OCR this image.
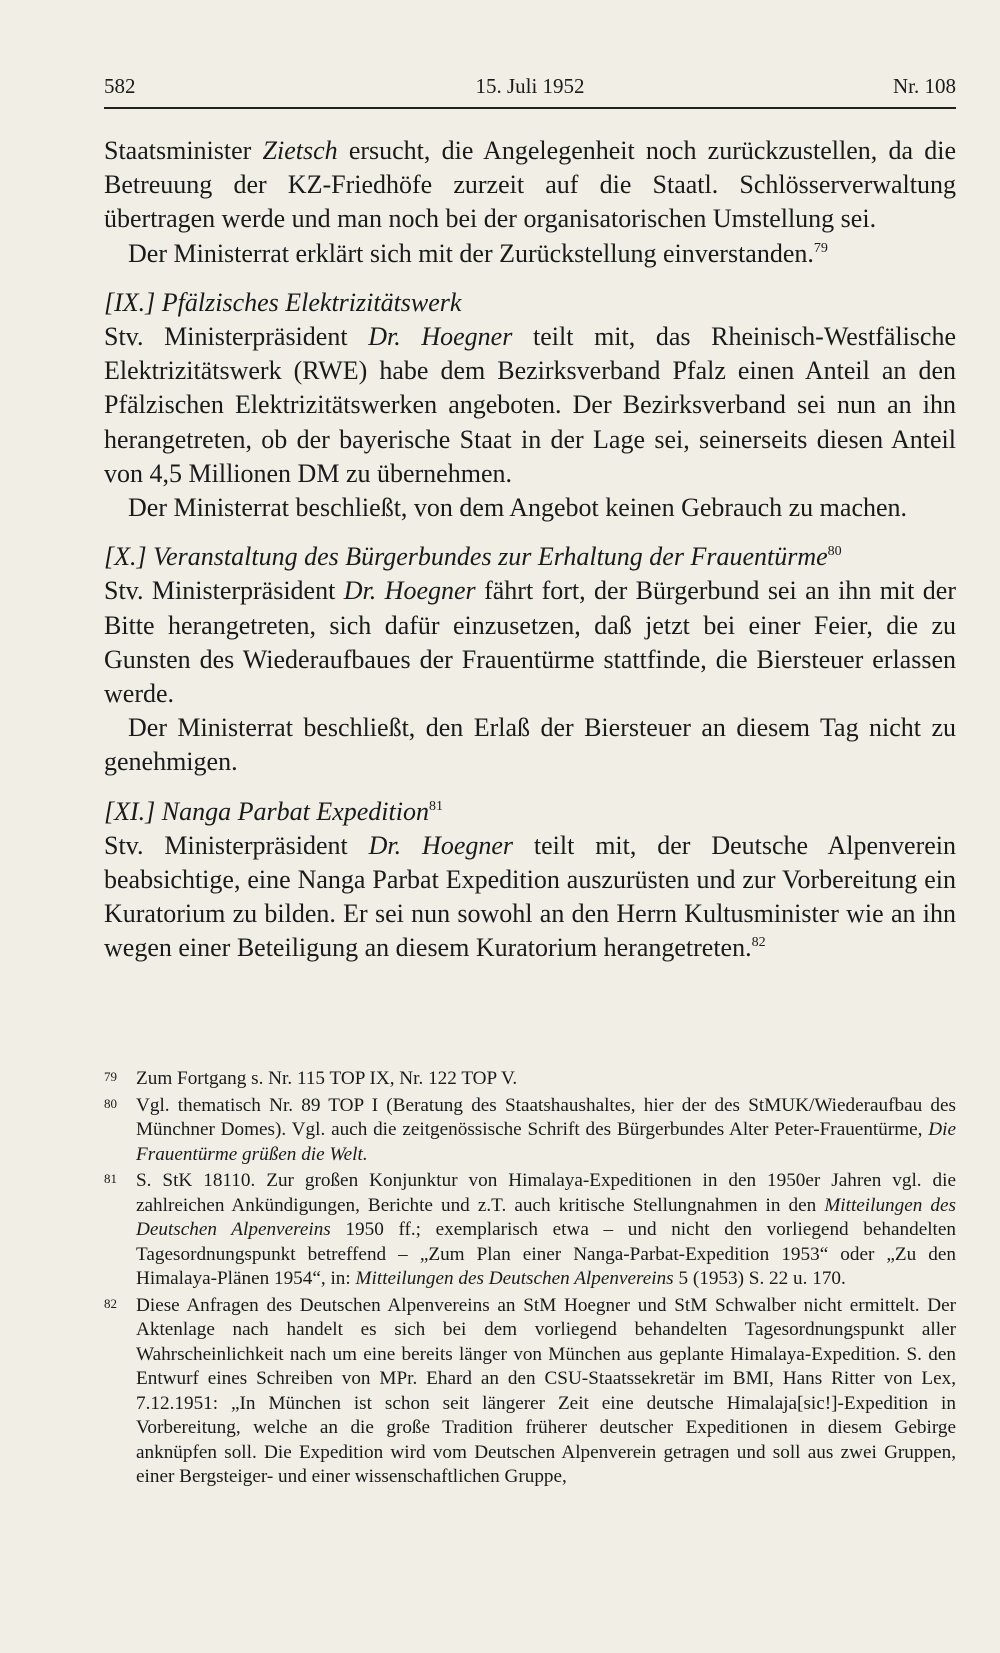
582	15. Juli 1952	Nr. 108

Staatsminister Zietsch ersucht, die Angelegenheit noch zurückzustellen, da die Betreuung der KZ-Friedhöfe zurzeit auf die Staatl. Schlösserverwaltung übertragen werde und man noch bei der organisatorischen Umstellung sei.

Der Ministerrat erklärt sich mit der Zurückstellung einverstanden.$^{79}$

[IX.] Pfälzisches Elektrizitätswerk

Stv. Ministerpräsident Dr. Hoegner teilt mit, das Rheinisch-Westfälische Elektrizitätswerk (RWE) habe dem Bezirksverband Pfalz einen Anteil an den Pfälzischen Elektrizitätswerken angeboten. Der Bezirksverband sei nun an ihn herangetreten, ob der bayerische Staat in der Lage sei, seinerseits diesen Anteil von 4,5 Millionen DM zu übernehmen.

Der Ministerrat beschließt, von dem Angebot keinen Gebrauch zu machen.

[X.] Veranstaltung des Bürgerbundes zur Erhaltung der Frauentürme$^{80}$

Stv. Ministerpräsident Dr. Hoegner fährt fort, der Bürgerbund sei an ihn mit der Bitte herangetreten, sich dafür einzusetzen, daß jetzt bei einer Feier, die zu Gunsten des Wiederaufbaues der Frauentürme stattfinde, die Biersteuer erlassen werde.

Der Ministerrat beschließt, den Erlaß der Biersteuer an diesem Tag nicht zu genehmigen.

[XI.] Nanga Parbat Expedition$^{81}$

Stv. Ministerpräsident Dr. Hoegner teilt mit, der Deutsche Alpenverein beabsichtige, eine Nanga Parbat Expedition auszurüsten und zur Vorbereitung ein Kuratorium zu bilden. Er sei nun sowohl an den Herrn Kultusminister wie an ihn wegen einer Beteiligung an diesem Kuratorium herangetreten.$^{82}$

79 Zum Fortgang s. Nr. 115 TOP IX, Nr. 122 TOP V.
80 Vgl. thematisch Nr. 89 TOP I (Beratung des Staatshaushaltes, hier der des StMUK/Wiederaufbau des Münchner Domes). Vgl. auch die zeitgenössische Schrift des Bürgerbundes Alter Peter-Frauentürme, Die Frauentürme grüßen die Welt.
81 S. StK 18110. Zur großen Konjunktur von Himalaya-Expeditionen in den 1950er Jahren vgl. die zahlreichen Ankündigungen, Berichte und z.T. auch kritische Stellungnahmen in den Mitteilungen des Deutschen Alpenvereins 1950 ff.; exemplarisch etwa – und nicht den vorliegend behandelten Tagesordnungspunkt betreffend – „Zum Plan einer Nanga-Parbat-Expedition 1953“ oder „Zu den Himalaya-Plänen 1954“, in: Mitteilungen des Deutschen Alpenvereins 5 (1953) S. 22 u. 170.
82 Diese Anfragen des Deutschen Alpenvereins an StM Hoegner und StM Schwalber nicht ermittelt. Der Aktenlage nach handelt es sich bei dem vorliegend behandelten Tagesordnungspunkt aller Wahrscheinlichkeit nach um eine bereits länger von München aus geplante Himalaya-Expedition. S. den Entwurf eines Schreiben von MPr. Ehard an den CSU-Staatssekretär im BMI, Hans Ritter von Lex, 7.12.1951: „In München ist schon seit längerer Zeit eine deutsche Himalaja[sic!]-Expedition in Vorbereitung, welche an die große Tradition früherer deutscher Expeditionen in diesem Gebirge anknüpfen soll. Die Expedition wird vom Deutschen Alpenverein getragen und soll aus zwei Gruppen, einer Bergsteiger- und einer wissenschaftlichen Gruppe,
